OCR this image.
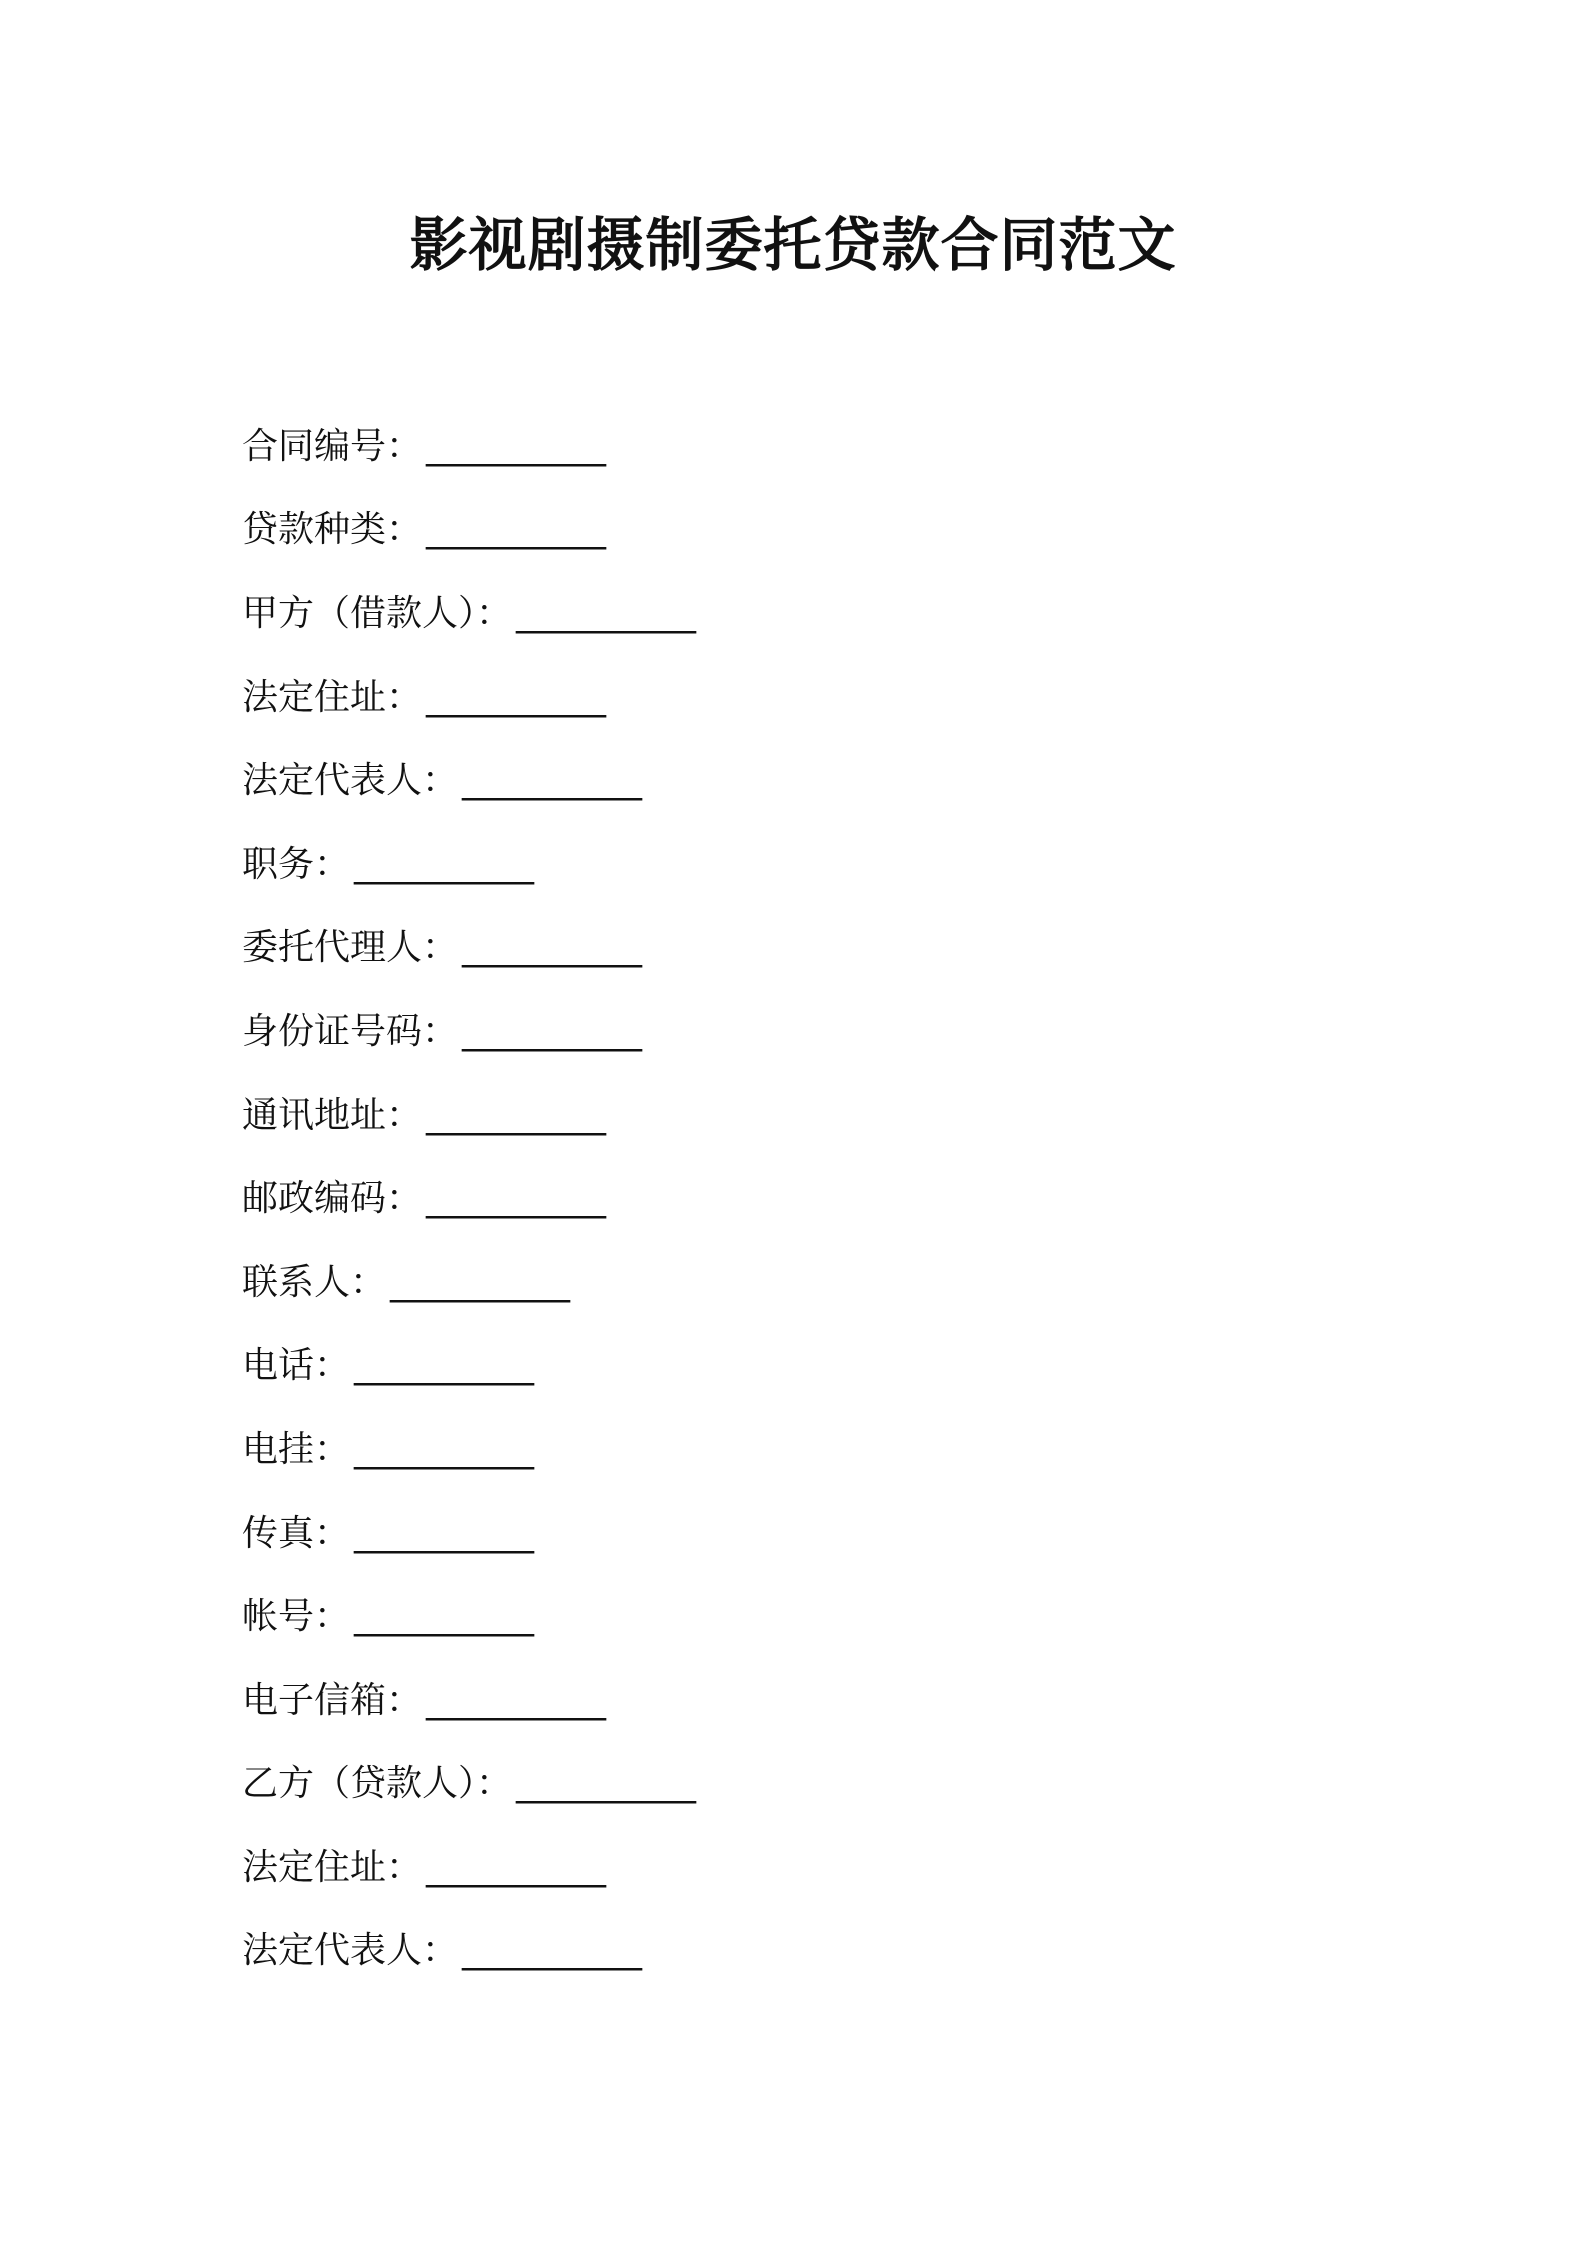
影视剧摄制委托贷款合同范文
合同编号： __________
贷款种类： __________
甲方（借款人）： __________
法定住址： __________
法定代表人： __________
职务： __________
委托代理人： __________
身份证号码： __________
通讯地址： __________
邮政编码： __________
联系人： __________
电话： __________
电挂： __________
传真： __________
帐号： __________
电子信箱： __________
乙方（贷款人）： __________
法定住址： __________
法定代表人： __________
